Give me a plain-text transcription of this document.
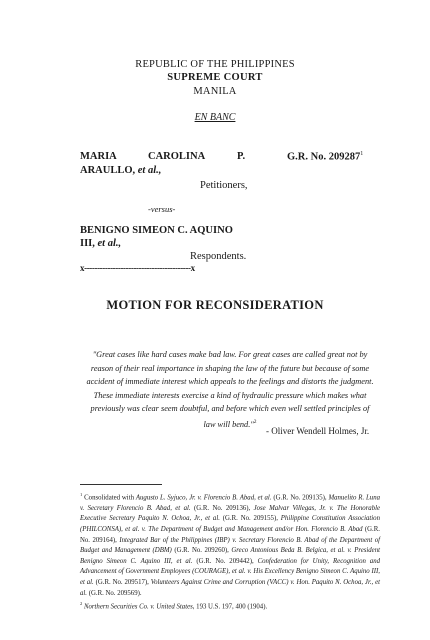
REPUBLIC OF THE PHILIPPINES
SUPREME COURT
MANILA
EN BANC
MARIA	CAROLINA	P.	G.R. No. 209287$^1$
ARAULLO, et al.,
Petitioners,
-versus-
BENIGNO SIMEON C. AQUINO
III, et al.,
Respondents.
x-----------------------------------------x
MOTION FOR RECONSIDERATION
"Great cases like hard cases make bad law. For great cases are called great not by reason of their real importance in shaping the law of the future but because of some accident of immediate interest which appeals to the feelings and distorts the judgment. These immediate interests exercise a kind of hydraulic pressure which makes what previously was clear seem doubtful, and before which even well settled principles of law will bend."$^2$
- Oliver Wendell Holmes, Jr.

$^1$ Consolidated with Augusto L. Syjuco, Jr. v. Florencio B. Abad, et al. (G.R. No. 209135), Manuelito R. Luna v. Secretary Florencio B. Abad, et al. (G.R. No. 209136), Jose Malvar Villegas, Jr. v. The Honorable Executive Secretary Paquito N. Ochoa, Jr., et al. (G.R. No. 209155), Philippine Constitution Association (PHILCONSA), et al. v. The Department of Budget and Management and/or Hon. Florencio B. Abad (G.R. No. 209164), Integrated Bar of the Philippines (IBP) v. Secretary Florencio B. Abad of the Department of Budget and Management (DBM) (G.R. No. 209260), Greco Antonious Beda B. Belgica, et al. v. President Benigno Simeon C. Aquino III, et al. (G.R. No. 209442), Confederation for Unity, Recognition and Advancement of Government Employees (COURAGE), et al. v. His Excellency Benigno Simeon C. Aquino III, et al. (G.R. No. 209517), Volunteers Against Crime and Corruption (VACC) v. Hon. Paquito N. Ochoa, Jr., et al. (G.R. No. 209569).

$^2$ Northern Securities Co. v. United States, 193 U.S. 197, 400 (1904).
